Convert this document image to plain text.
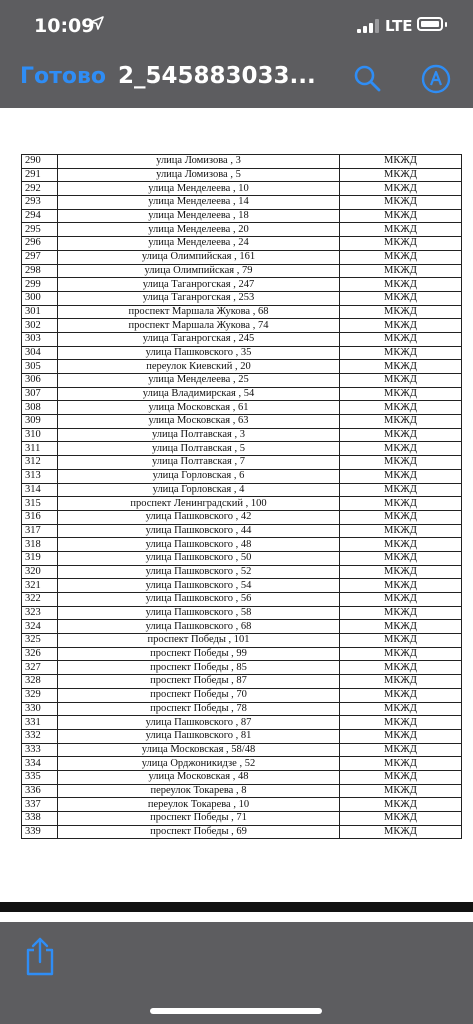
10:09	LTE
Готово 2_545883033...
290	улица Ломизова , 3	МКЖД
291	улица Ломизова , 5	МКЖД
292	улица Менделеева , 10	МКЖД
293	улица Менделеева , 14	МКЖД
294	улица Менделеева , 18	МКЖД
295	улица Менделеева , 20	МКЖД
296	улица Менделеева , 24	МКЖД
297	улица Олимпийская , 161	МКЖД
298	улица Олимпийская , 79	МКЖД
299	улица Таганрогская , 247	МКЖД
300	улица Таганрогская , 253	МКЖД
301	проспект Маршала Жукова , 68	МКЖД
302	проспект Маршала Жукова , 74	МКЖД
303	улица Таганрогская , 245	МКЖД
304	улица Пашковского , 35	МКЖД
305	переулок Киевский , 20	МКЖД
306	улица Менделеева , 25	МКЖД
307	улица Владимирская , 54	МКЖД
308	улица Московская , 61	МКЖД
309	улица Московская , 63	МКЖД
310	улица Полтавская , 3	МКЖД
311	улица Полтавская , 5	МКЖД
312	улица Полтавская , 7	МКЖД
313	улица Горловская , 6	МКЖД
314	улица Горловская , 4	МКЖД
315	проспект Ленинградский , 100	МКЖД
316	улица Пашковского , 42	МКЖД
317	улица Пашковского , 44	МКЖД
318	улица Пашковского , 48	МКЖД
319	улица Пашковского , 50	МКЖД
320	улица Пашковского , 52	МКЖД
321	улица Пашковского , 54	МКЖД
322	улица Пашковского , 56	МКЖД
323	улица Пашковского , 58	МКЖД
324	улица Пашковского , 68	МКЖД
325	проспект Победы , 101	МКЖД
326	проспект Победы , 99	МКЖД
327	проспект Победы , 85	МКЖД
328	проспект Победы , 87	МКЖД
329	проспект Победы , 70	МКЖД
330	проспект Победы , 78	МКЖД
331	улица Пашковского , 87	МКЖД
332	улица Пашковского , 81	МКЖД
333	улица Московская , 58/48	МКЖД
334	улица Орджоникидзе , 52	МКЖД
335	улица Московская , 48	МКЖД
336	переулок Токарева , 8	МКЖД
337	переулок Токарева , 10	МКЖД
338	проспект Победы , 71	МКЖД
339	проспект Победы , 69	МКЖД
